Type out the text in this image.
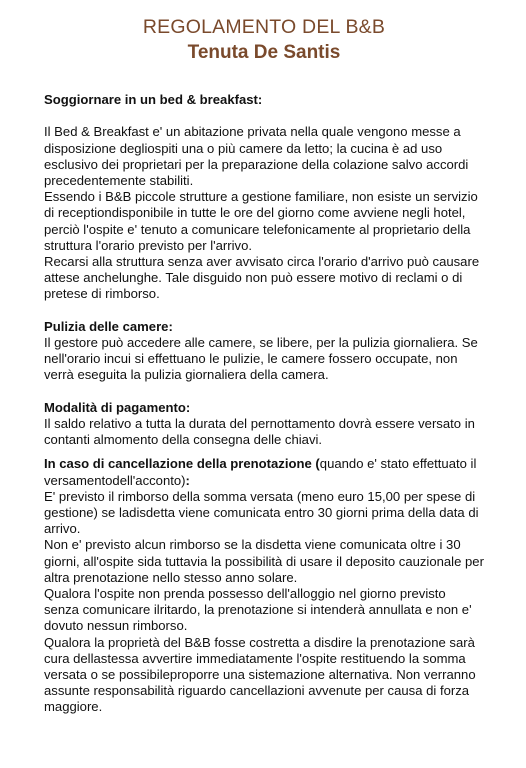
REGOLAMENTO DEL B&B
Tenuta De Santis

Soggiornare in un bed & breakfast:

Il Bed & Breakfast e' un abitazione privata nella quale vengono messe a disposizione degliospiti una o più camere da letto; la cucina è ad uso esclusivo dei proprietari per la preparazione della colazione salvo accordi precedentemente stabiliti.

Essendo i B&B piccole strutture a gestione familiare, non esiste un servizio di receptiondisponibile in tutte le ore del giorno come avviene negli hotel, perciò l'ospite e' tenuto a comunicare telefonicamente al proprietario della struttura l'orario previsto per l'arrivo.

Recarsi alla struttura senza aver avvisato circa l'orario d'arrivo può causare attese anchelunghe. Tale disguido non può essere motivo di reclami o di pretese di rimborso.

Pulizia delle camere:

Il gestore può accedere alle camere, se libere, per la pulizia giornaliera. Se nell'orario incui si effettuano le pulizie, le camere fossero occupate, non verrà eseguita la pulizia giornaliera della camera.

Modalità di pagamento:

Il saldo relativo a tutta la durata del pernottamento dovrà essere versato in contanti almomento della consegna delle chiavi.

In caso di cancellazione della prenotazione (quando e' stato effettuato il versamentodell'acconto):

E' previsto il rimborso della somma versata (meno euro 15,00 per spese di gestione) se ladisdetta viene comunicata entro 30 giorni prima della data di arrivo.

Non e' previsto alcun rimborso se la disdetta viene comunicata oltre i 30 giorni, all'ospite sida tuttavia la possibilità di usare il deposito cauzionale per altra prenotazione nello stesso anno solare.

Qualora l'ospite non prenda possesso dell'alloggio nel giorno previsto senza comunicare ilritardo, la prenotazione si intenderà annullata e non e' dovuto nessun rimborso.

Qualora la proprietà del B&B fosse costretta a disdire la prenotazione sarà cura dellastessa avvertire immediatamente l'ospite restituendo la somma versata o se possibileproporre una sistemazione alternativa. Non verranno assunte responsabilità riguardo cancellazioni avvenute per causa di forza maggiore.
